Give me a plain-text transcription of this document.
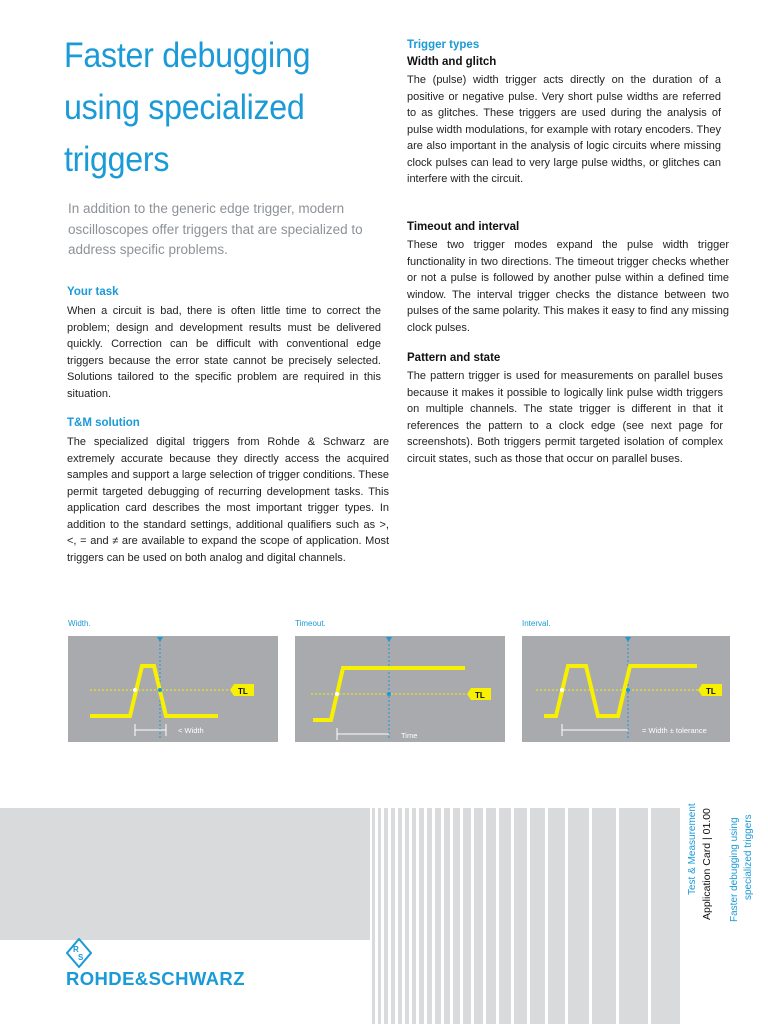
Faster debugging
using specialized
triggers
In addition to the generic edge trigger, modern oscilloscopes offer triggers that are specialized to address specific problems.
Your task
When a circuit is bad, there is often little time to correct the problem; design and development results must be delivered quickly. Correction can be difficult with conventional edge triggers because the error state cannot be precisely selected. Solutions tailored to the specific problem are required in this situation.
T&M solution
The specialized digital triggers from Rohde & Schwarz are extremely accurate because they directly access the acquired samples and support a large selection of trigger conditions. These permit targeted debugging of recurring development tasks. This application card describes the most important trigger types. In addition to the standard settings, additional qualifiers such as >, <, = and ≠ are available to expand the scope of application. Most triggers can be used on both analog and digital channels.
Trigger types
Width and glitch
The (pulse) width trigger acts directly on the duration of a positive or negative pulse. Very short pulse widths are referred to as glitches. These triggers are used during the analysis of pulse width modulations, for example with rotary encoders. They are also important in the analysis of logic circuits where missing clock pulses can lead to very large pulse widths, or glitches can interfere with the circuit.
Timeout and interval
These two trigger modes expand the pulse width trigger functionality in two directions. The timeout trigger checks whether or not a pulse is followed by another pulse within a defined time window. The interval trigger checks the distance between two pulses of the same polarity. This makes it easy to find any missing clock pulses.
Pattern and state
The pattern trigger is used for measurements on parallel buses because it makes it possible to logically link pulse width triggers on multiple channels. The state trigger is different in that it references the pattern to a clock edge (see next page for screenshots). Both triggers permit targeted isolation of complex circuit states, such as those that occur on parallel buses.
Width.
TL
< Width
Timeout.
TL
Time
Interval.
TL
= Width ± tolerance
Test & Measurement Application Card | 01.00 Faster debugging using specialized triggers
R
S
ROHDE&SCHWARZ
